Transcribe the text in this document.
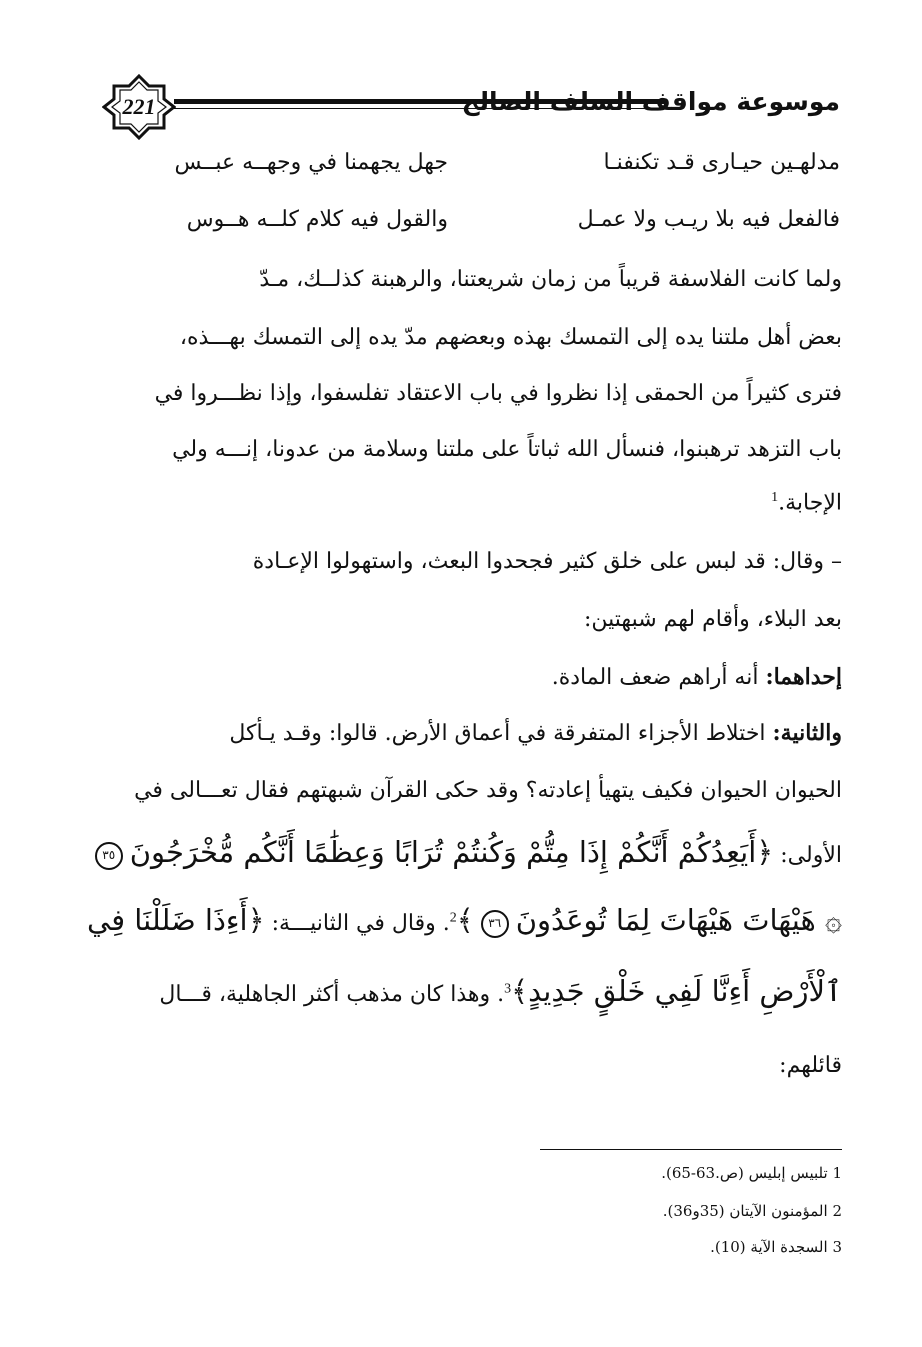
221	موسوعة مواقف السلف الصالح
مدلهـين حيـارى قـد تكنفنـا
جهل يجهمنا في وجهــه عبــس
فالفعل فيه بلا ريـب ولا عمـل
والقول فيه كلام كلــه هــوس
ولما كانت الفلاسفة قريباً من زمان شريعتنا، والرهبنة كذلــك، مـدّ
بعض أهل ملتنا يده إلى التمسك بهذه وبعضهم مدّ يده إلى التمسك بهـــذه،
فترى كثيراً من الحمقى إذا نظروا في باب الاعتقاد تفلسفوا، وإذا نظـــروا في
باب التزهد ترهبنوا، فنسأل الله ثباتاً على ملتنا وسلامة من عدونا، إنـــه ولي
الإجابة.$^1$
– وقال: قد لبس على خلق كثير فجحدوا البعث، واستهولوا الإعـادة
بعد البلاء، وأقام لهم شبهتين:
إحداهما: أنه أراهم ضعف المادة.
والثانية: اختلاط الأجزاء المتفرقة في أعماق الأرض. قالوا: وقـد يـأكل
الحيوان الحيوان فكيف يتهيأ إعادته؟ وقد حكى القرآن شبهتهم فقال تعـــالى في
الأولى: ﴿أَيَعِدُكُمْ أَنَّكُمْ إِذَا مِتُّمْ وَكُنتُمْ تُرَابًا وَعِظَٰمًا أَنَّكُم مُّخْرَجُونَ ٣٥
۞ هَيْهَاتَ هَيْهَاتَ لِمَا تُوعَدُونَ ٣٦ ﴾$^2$. وقال في الثانيـــة: ﴿أَءِذَا ضَلَلْنَا فِي
ٱلْأَرْضِ أَءِنَّا لَفِي خَلْقٍ جَدِيدٍ﴾$^3$. وهذا كان مذهب أكثر الجاهلية، قـــال
قائلهم:
1 تلبيس إبليس (ص.63-65).
2 المؤمنون الآيتان (35و36).
3 السجدة الآية (10).
